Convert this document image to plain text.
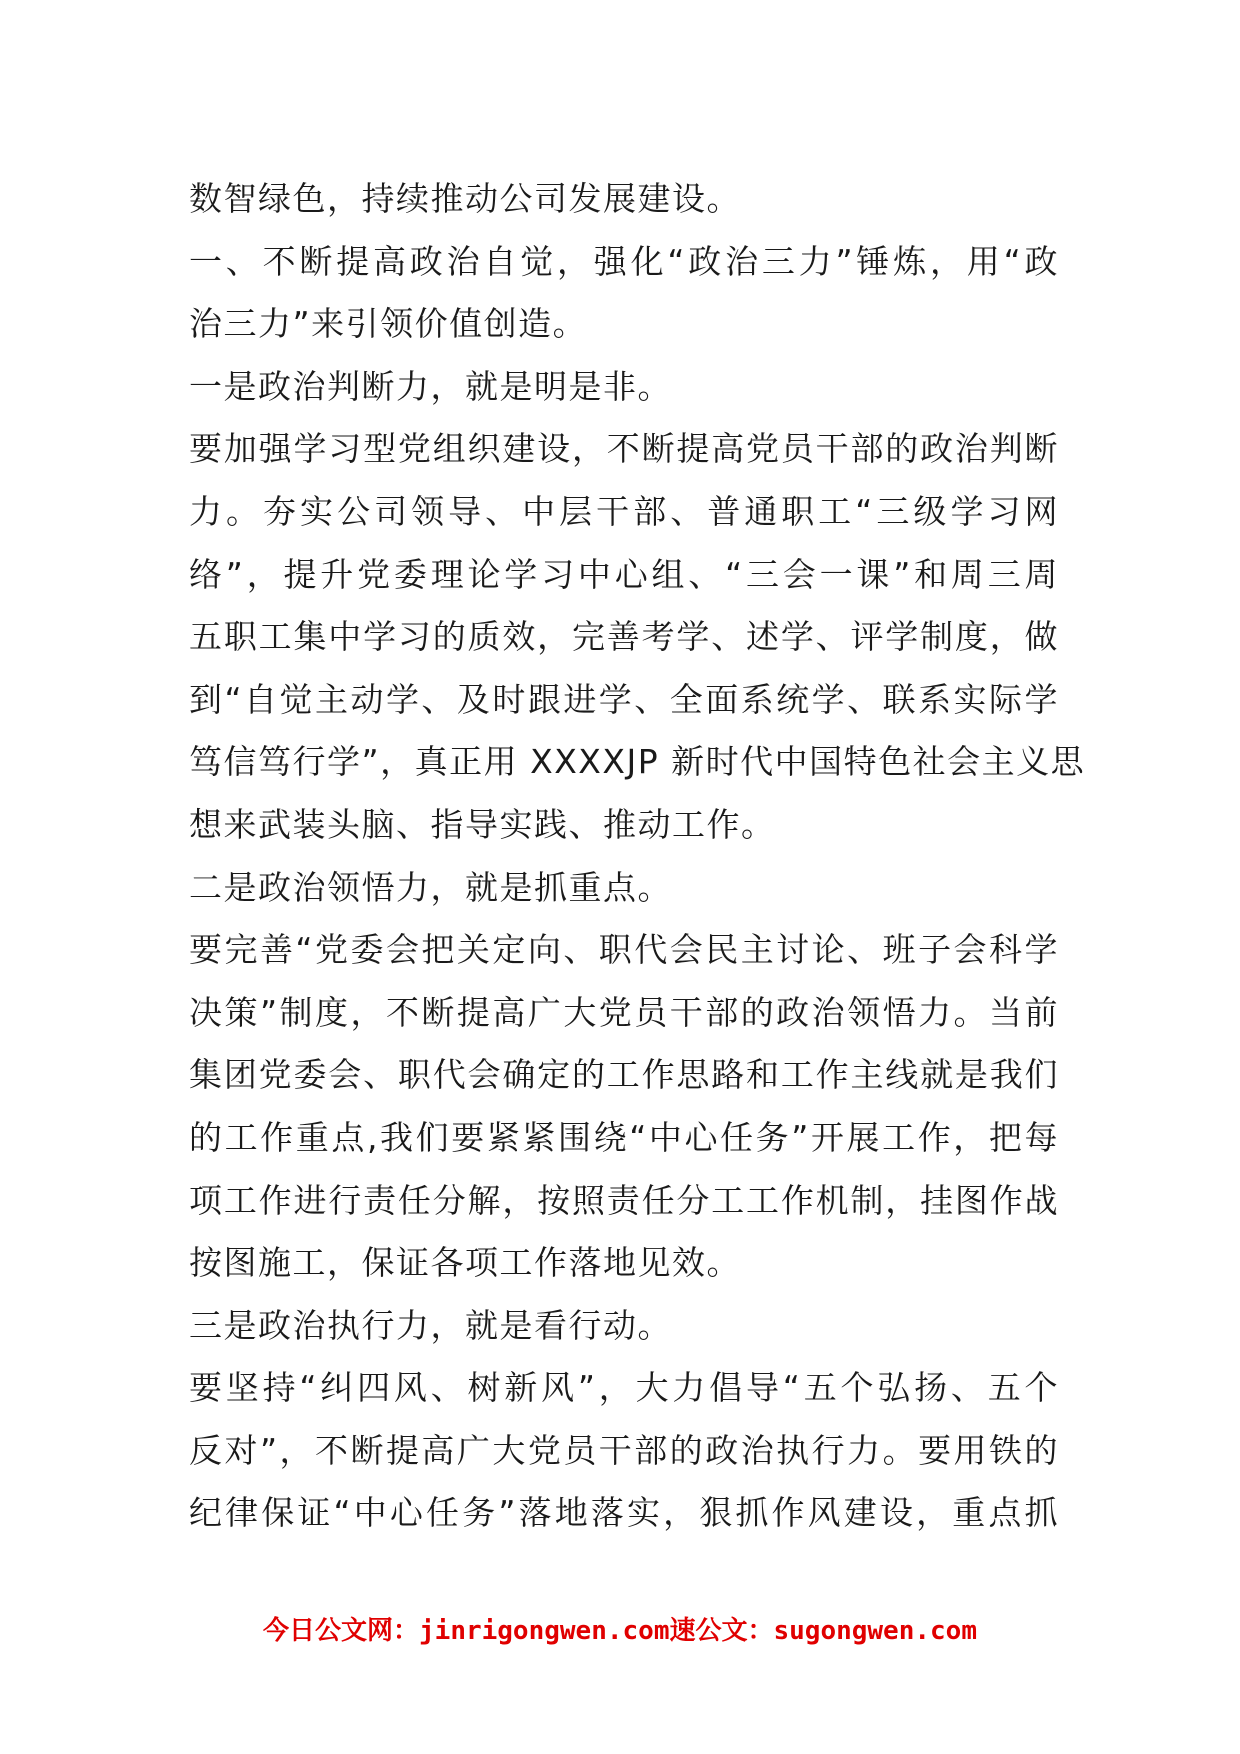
数智绿色，持续推动公司发展建设。
一、不断提高政治自觉，强化“政治三力”锤炼，用“政
治三力”来引领价值创造。
一是政治判断力，就是明是非。
要加强学习型党组织建设，不断提高党员干部的政治判断
力。夯实公司领导、中层干部、普通职工“三级学习网
络”，提升党委理论学习中心组、“三会一课”和周三周
五职工集中学习的质效，完善考学、述学、评学制度，做
到“自觉主动学、及时跟进学、全面系统学、联系实际学
笃信笃行学”，真正用 XXXXJP 新时代中国特色社会主义思
想来武装头脑、指导实践、推动工作。
二是政治领悟力，就是抓重点。
要完善“党委会把关定向、职代会民主讨论、班子会科学
决策”制度，不断提高广大党员干部的政治领悟力。当前
集团党委会、职代会确定的工作思路和工作主线就是我们
的工作重点,我们要紧紧围绕“中心任务”开展工作，把每
项工作进行责任分解，按照责任分工工作机制，挂图作战
按图施工，保证各项工作落地见效。
三是政治执行力，就是看行动。
要坚持“纠四风、树新风”，大力倡导“五个弘扬、五个
反对”，不断提高广大党员干部的政治执行力。要用铁的
纪律保证“中心任务”落地落实，狠抓作风建设，重点抓
今日公文网：jinrigongwen.com速公文：sugongwen.com
